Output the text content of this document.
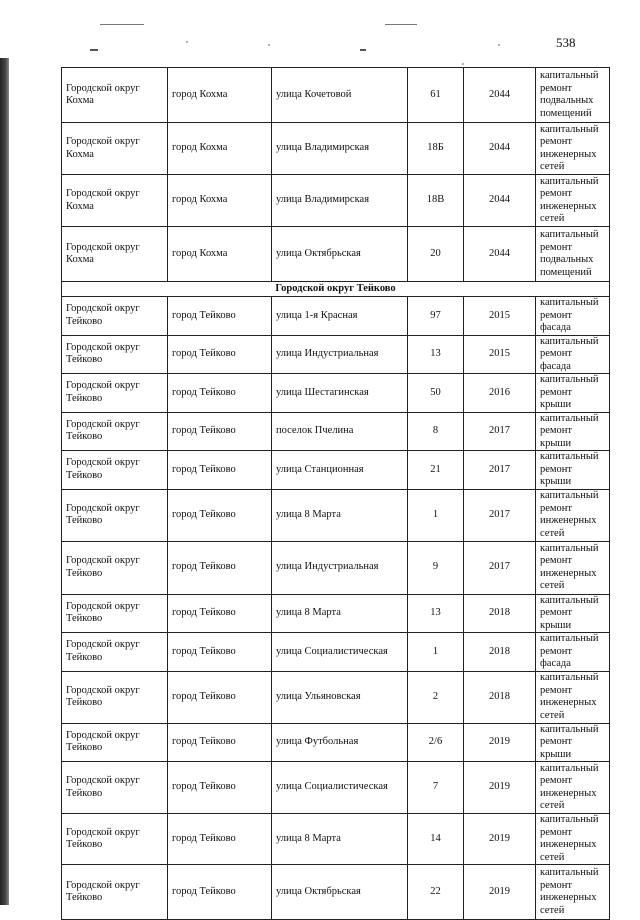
538
Городской округ Кохма	город Кохма	улица Кочетовой	61	2044	капитальный ремонт подвальных помещений
Городской округ Кохма	город Кохма	улица Владимирская	18Б	2044	капитальный ремонт инженерных сетей
Городской округ Кохма	город Кохма	улица Владимирская	18В	2044	капитальный ремонт инженерных сетей
Городской округ Кохма	город Кохма	улица Октябрьская	20	2044	капитальный ремонт подвальных помещений
Городской округ Тейково					
Городской округ Тейково	город Тейково	улица 1-я Красная	97	2015	капитальный ремонт фасада
Городской округ Тейково	город Тейково	улица Индустриальная	13	2015	капитальный ремонт фасада
Городской округ Тейково	город Тейково	улица Шестагинская	50	2016	капитальный ремонт крыши
Городской округ Тейково	город Тейково	поселок Пчелина	8	2017	капитальный ремонт крыши
Городской округ Тейково	город Тейково	улица Станционная	21	2017	капитальный ремонт крыши
Городской округ Тейково	город Тейково	улица 8 Марта	1	2017	капитальный ремонт инженерных сетей
Городской округ Тейково	город Тейково	улица Индустриальная	9	2017	капитальный ремонт инженерных сетей
Городской округ Тейково	город Тейково	улица 8 Марта	13	2018	капитальный ремонт крыши
Городской округ Тейково	город Тейково	улица Социалистическая	1	2018	капитальный ремонт фасада
Городской округ Тейково	город Тейково	улица Ульяновская	2	2018	капитальный ремонт инженерных сетей
Городской округ Тейково	город Тейково	улица Футбольная	2/6	2019	капитальный ремонт крыши
Городской округ Тейково	город Тейково	улица Социалистическая	7	2019	капитальный ремонт инженерных сетей
Городской округ Тейково	город Тейково	улица 8 Марта	14	2019	капитальный ремонт инженерных сетей
Городской округ Тейково	город Тейково	улица Октябрьская	22	2019	капитальный ремонт инженерных сетей
